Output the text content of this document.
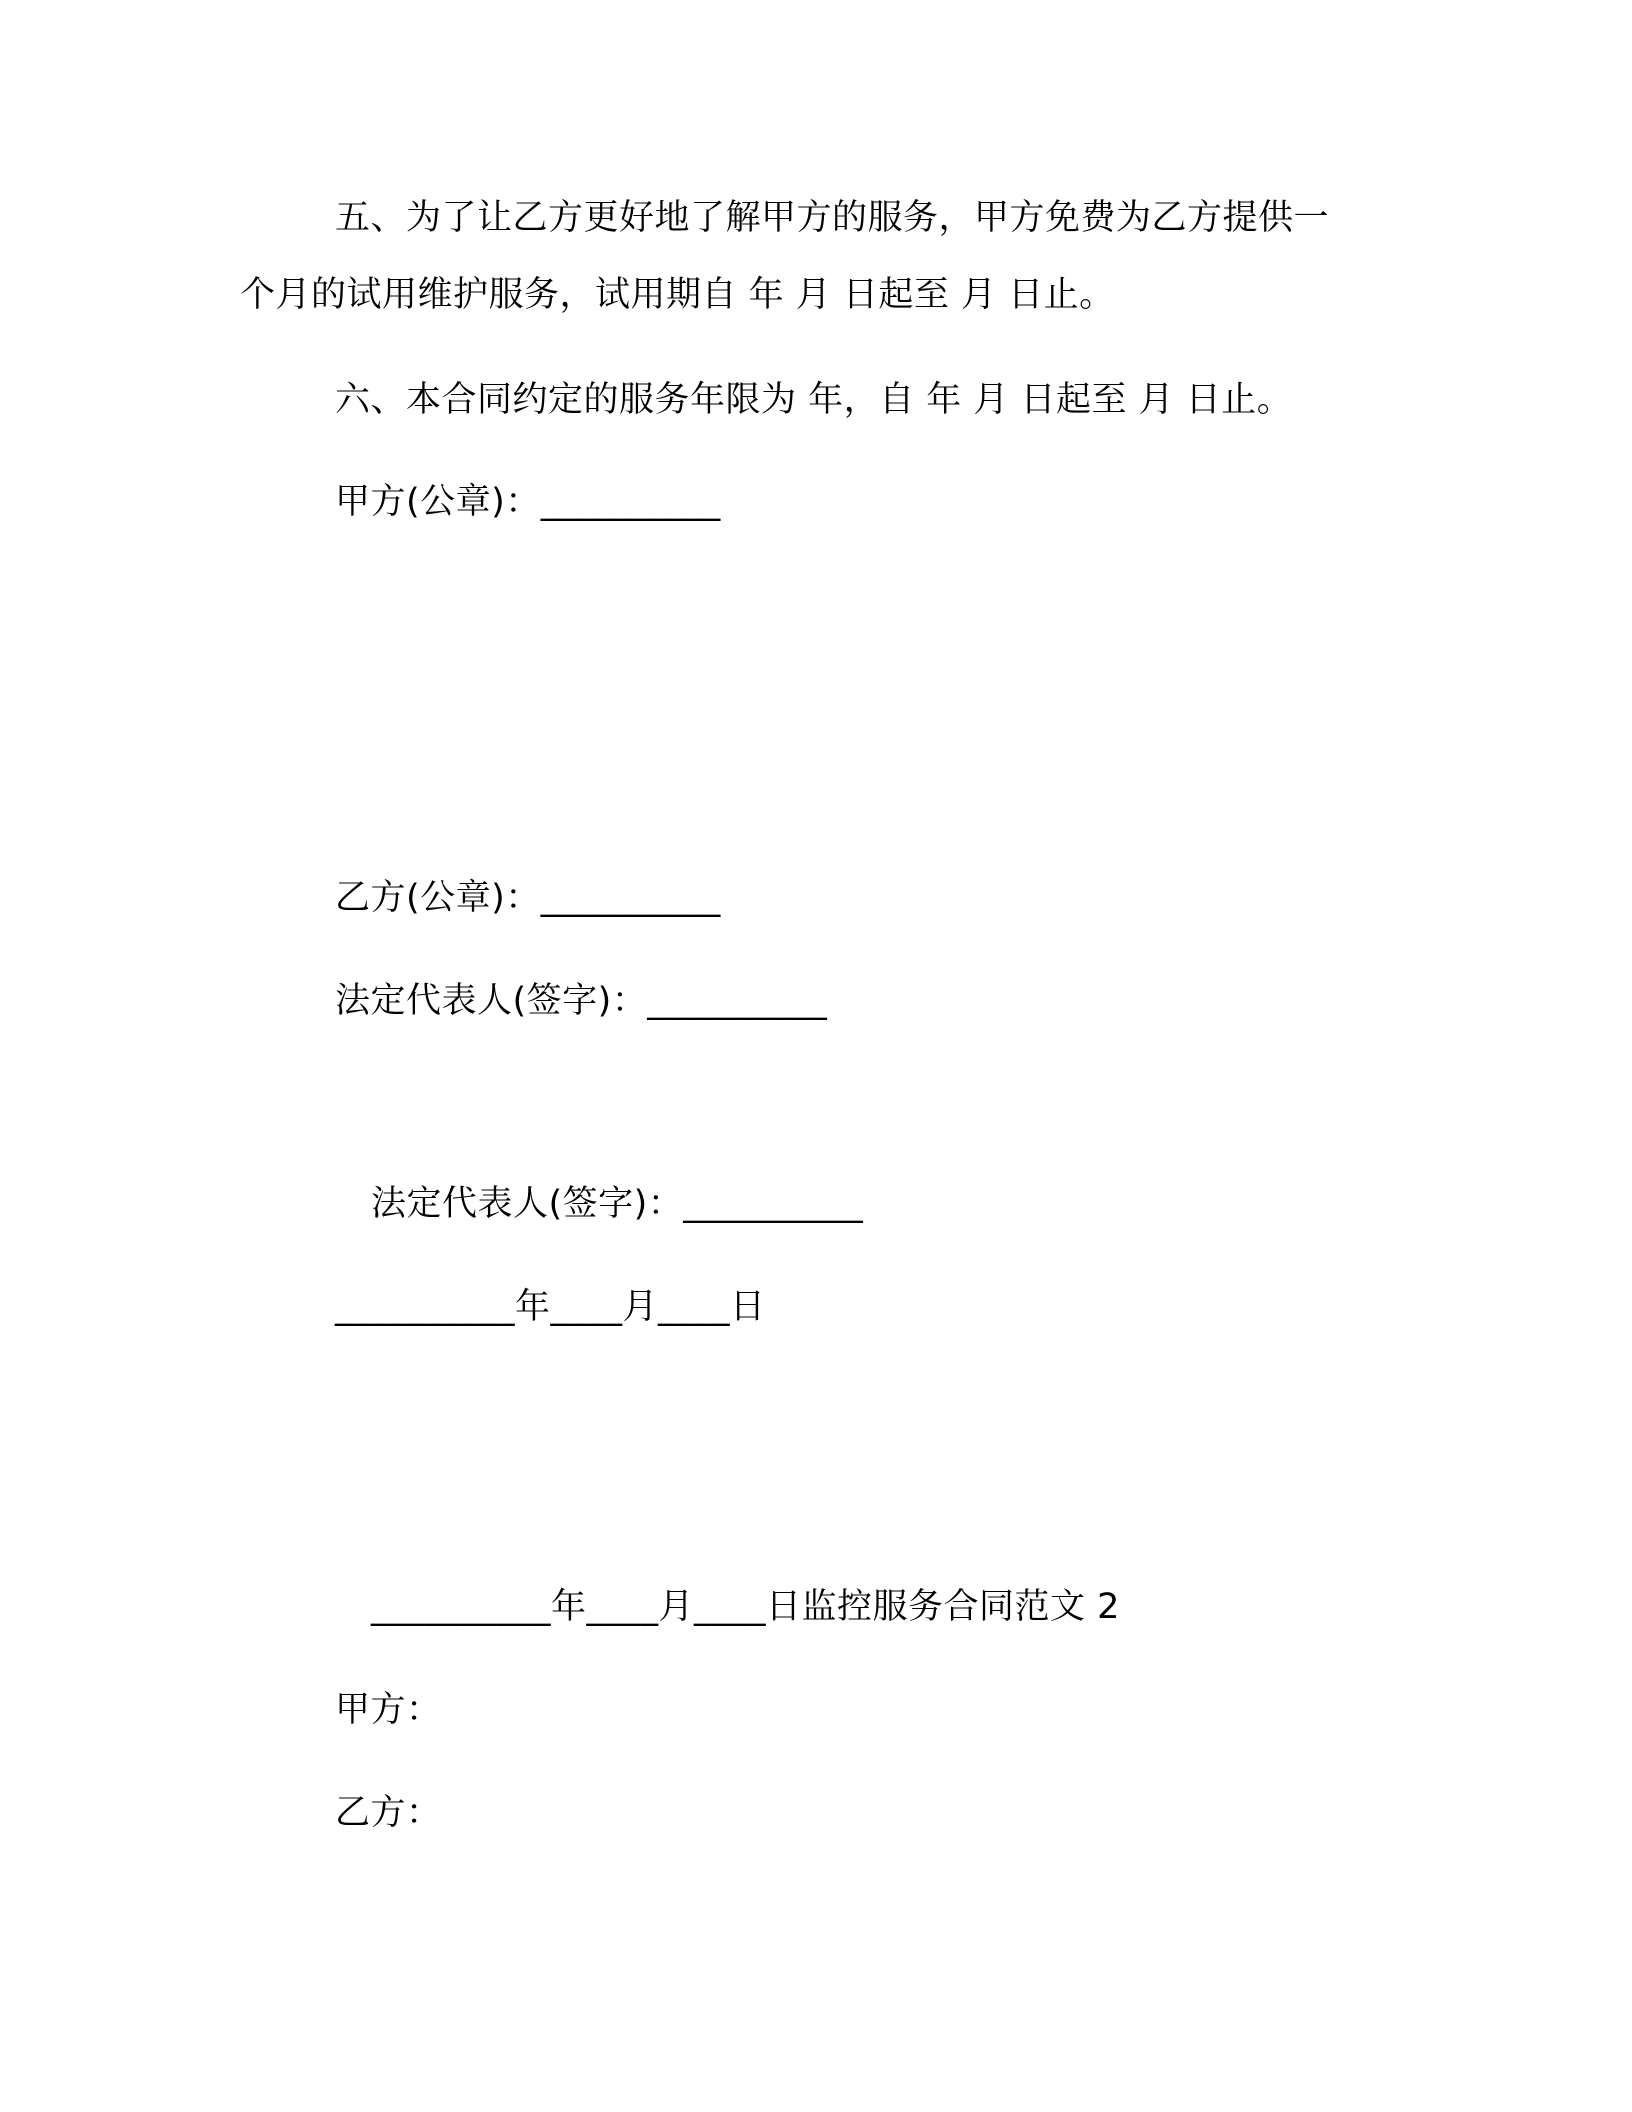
五、为了让乙方更好地了解甲方的服务，甲方免费为乙方提供一
个月的试用维护服务，试用期自 年 月 日起至 月 日止。
六、本合同约定的服务年限为 年，自 年 月 日起至 月 日止。
甲方(公章)：__________
乙方(公章)：__________
法定代表人(签字)：__________
法定代表人(签字)：__________
__________年____月____日
__________年____月____日监控服务合同范文 2
甲方：
乙方：
